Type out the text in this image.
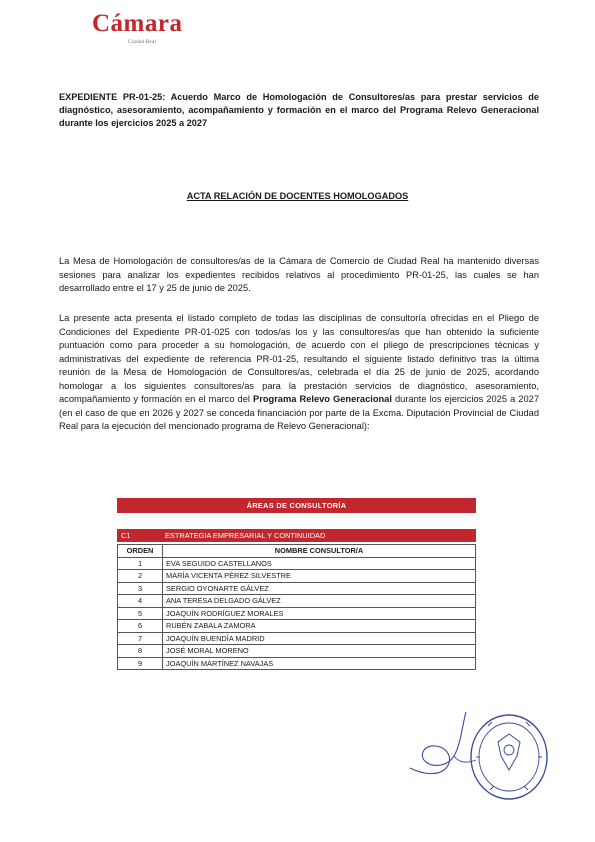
Cámara
Ciudad Real
EXPEDIENTE PR-01-25: Acuerdo Marco de Homologación de Consultores/as para prestar servicios de diagnóstico, asesoramiento, acompañamiento y formación en el marco del Programa Relevo Generacional durante los ejercicios 2025 a 2027
ACTA RELACIÓN DE DOCENTES HOMOLOGADOS
La Mesa de Homologación de consultores/as de la Cámara de Comercio de Ciudad Real ha mantenido diversas sesiones para analizar los expedientes recibidos relativos al procedimiento PR-01-25, las cuales se han desarrollado entre el 17 y 25 de junio de 2025.
La presente acta presenta el listado completo de todas las disciplinas de consultoría ofrecidas en el Pliego de Condiciones del Expediente PR-01-025 con todos/as los y las consultores/as que han obtenido la suficiente puntuación como para proceder a su homologación, de acuerdo con el pliego de prescripciones técnicas y administrativas del expediente de referencia PR-01-25, resultando el siguiente listado definitivo tras la última reunión de la Mesa de Homologación de Consultores/as, celebrada el día 25 de junio de 2025, acordando homologar a los siguientes consultores/as para la prestación servicios de diagnóstico, asesoramiento, acompañamiento y formación en el marco del Programa Relevo Generacional durante los ejercicios 2025 a 2027 (en el caso de que en 2026 y 2027 se conceda financiación por parte de la Excma. Diputación Provincial de Ciudad Real para la ejecución del mencionado programa de Relevo Generacional):
ÁREAS DE CONSULTORÍA
C1	ESTRATEGIA EMPRESARIAL Y CONTINUIDAD
ORDEN	NOMBRE CONSULTOR/A
1	EVA SEGUIDO CASTELLANOS
2	MARÍA VICENTA PÉREZ SILVESTRE
3	SERGIO OYONARTE GÁLVEZ
4	ANA TERESA DELGADO GÁLVEZ
5	JOAQUÍN RODRÍGUEZ MORALES
6	RUBÉN ZABALA ZAMORA
7	JOAQUÍN BUENDÍA MADRID
8	JOSÉ MORAL MORENO
9	JOAQUÍN MARTÍNEZ NAVAJAS
